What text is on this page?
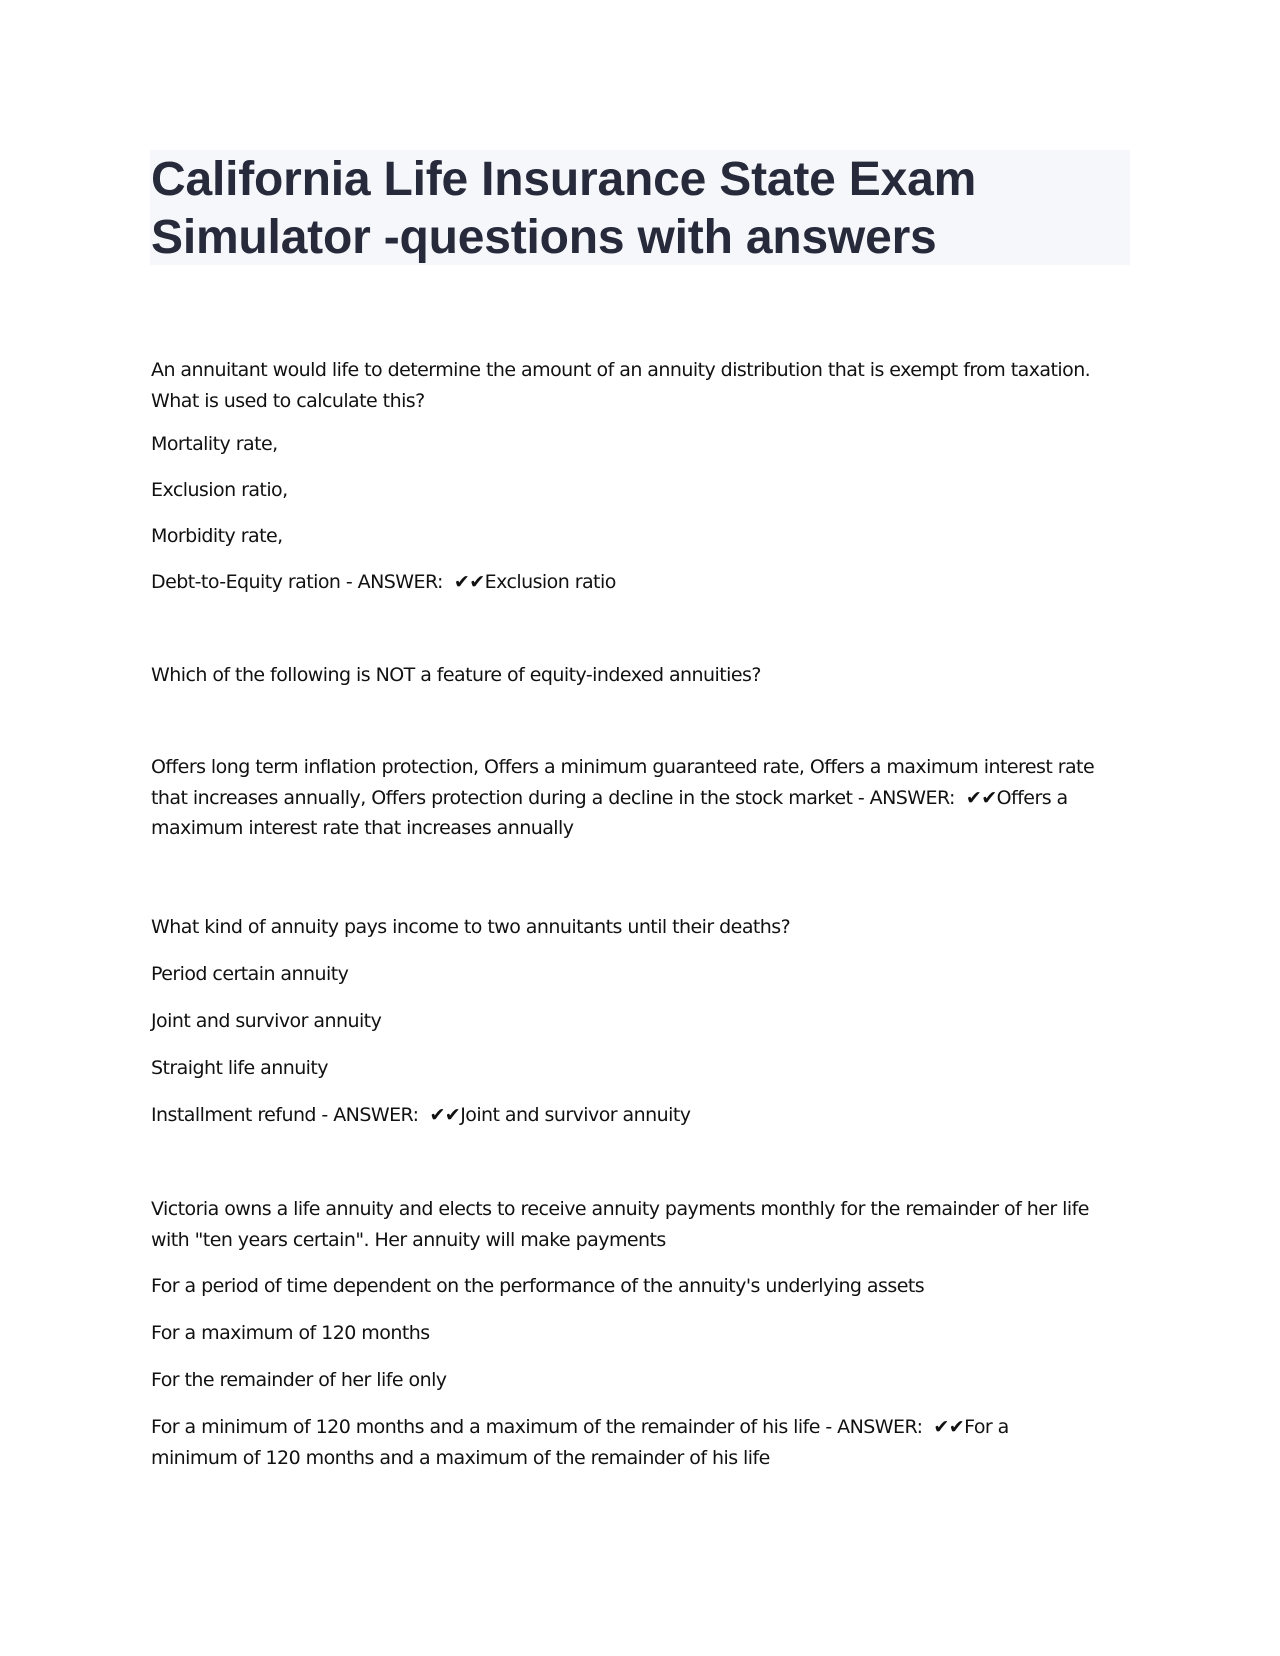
California Life Insurance State Exam
Simulator -questions with answers

An annuitant would life to determine the amount of an annuity distribution that is exempt from taxation.
What is used to calculate this?

Mortality rate,

Exclusion ratio,

Morbidity rate,

Debt-to-Equity ration - ANSWER:  ✔✔Exclusion ratio

Which of the following is NOT a feature of equity-indexed annuities?

Offers long term inflation protection, Offers a minimum guaranteed rate, Offers a maximum interest rate
that increases annually, Offers protection during a decline in the stock market - ANSWER:  ✔✔Offers a
maximum interest rate that increases annually

What kind of annuity pays income to two annuitants until their deaths?

Period certain annuity

Joint and survivor annuity

Straight life annuity

Installment refund - ANSWER:  ✔✔Joint and survivor annuity

Victoria owns a life annuity and elects to receive annuity payments monthly for the remainder of her life
with "ten years certain". Her annuity will make payments

For a period of time dependent on the performance of the annuity's underlying assets

For a maximum of 120 months

For the remainder of her life only

For a minimum of 120 months and a maximum of the remainder of his life - ANSWER:  ✔✔For a
minimum of 120 months and a maximum of the remainder of his life
